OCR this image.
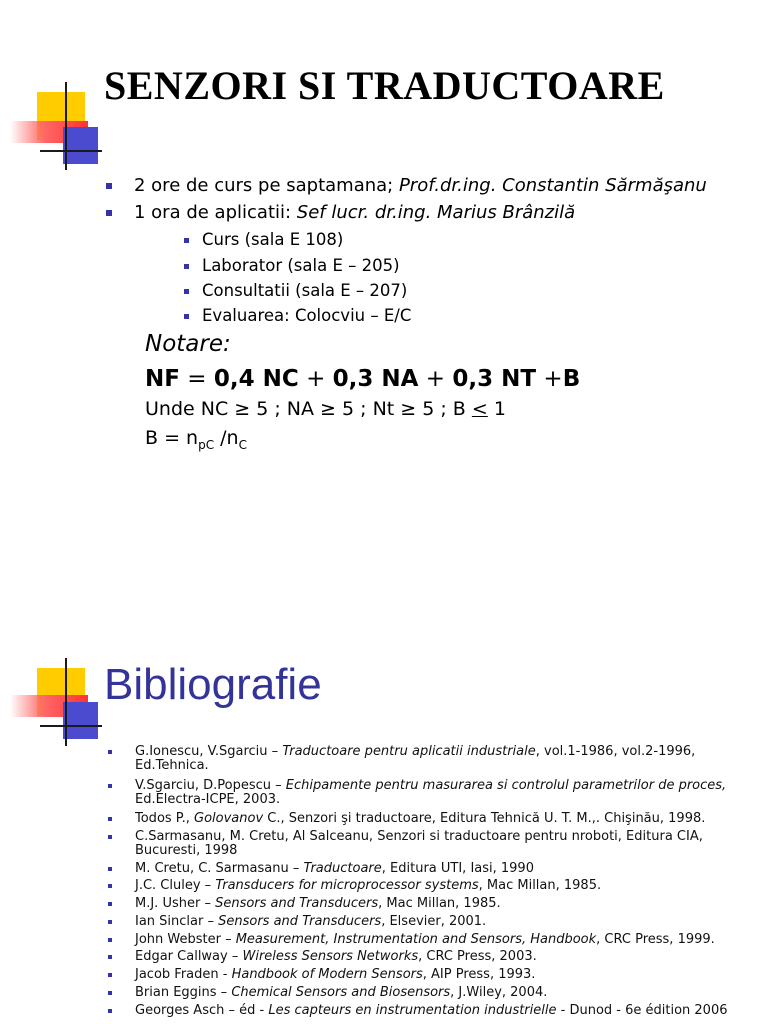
SENZORI SI TRADUCTOARE
2 ore de curs pe saptamana; Prof.dr.ing. Constantin Sărmăşanu
1 ora de aplicatii: Sef lucr. dr.ing. Marius Brânzilă
Curs (sala E 108)
Laborator (sala E – 205)
Consultatii (sala E – 207)
Evaluarea: Colocviu – E/C
Notare:
NF = 0,4 NC + 0,3 NA + 0,3 NT +B
Unde NC ≥ 5 ; NA ≥ 5 ; Nt ≥ 5 ; B < 1
$B = n_{pC}$ $/n_C$
Bibliografie
G.Ionescu, V.Sgarciu – Traductoare pentru aplicatii industriale, vol.1-1986, vol.2-1996, Ed.Tehnica.
V.Sgarciu, D.Popescu – Echipamente pentru masurarea si controlul parametrilor de proces, Ed.Electra-ICPE, 2003.
Todos P., Golovanov C., Senzori şi traductoare, Editura Tehnică U. T. M.,. Chişinău, 1998.
C.Sarmasanu, M. Cretu, Al Salceanu, Senzori si traductoare pentru nroboti, Editura CIA, Bucuresti, 1998
M. Cretu, C. Sarmasanu – Traductoare, Editura UTI, Iasi, 1990
J.C. Cluley – Transducers for microprocessor systems, Mac Millan, 1985.
M.J. Usher – Sensors and Transducers, Mac Millan, 1985.
Ian Sinclar – Sensors and Transducers, Elsevier, 2001.
John Webster – Measurement, Instrumentation and Sensors, Handbook, CRC Press, 1999.
Edgar Callway – Wireless Sensors Networks, CRC Press, 2003.
Jacob Fraden - Handbook of Modern Sensors, AIP Press, 1993.
Brian Eggins – Chemical Sensors and Biosensors, J.Wiley, 2004.
Georges Asch – éd - Les capteurs en instrumentation industrielle - Dunod - 6e édition 2006
